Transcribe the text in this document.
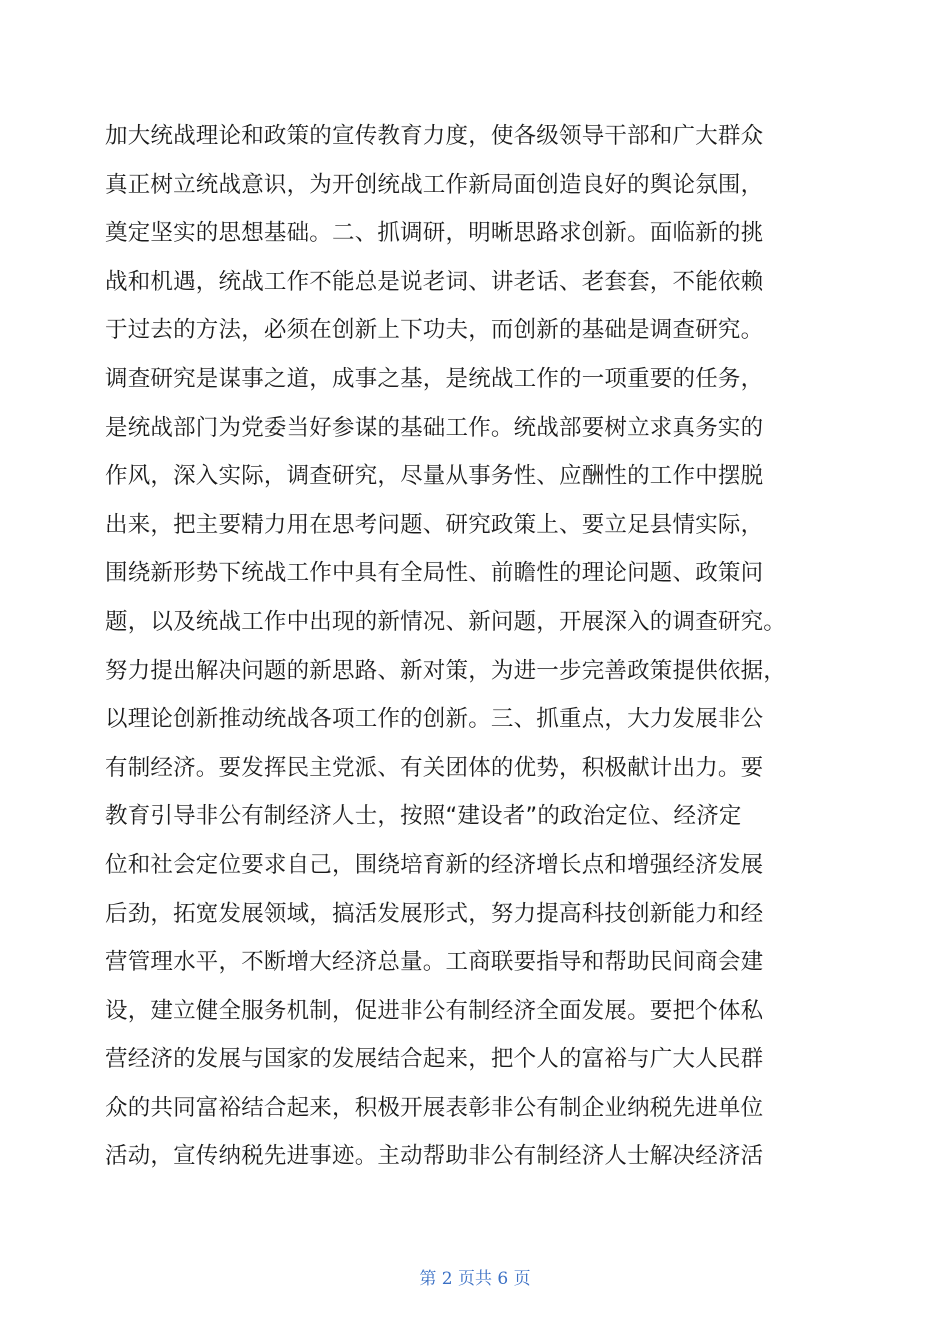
加大统战理论和政策的宣传教育力度，使各级领导干部和广大群众
真正树立统战意识，为开创统战工作新局面创造良好的舆论氛围，
奠定坚实的思想基础。二、抓调研，明晰思路求创新。面临新的挑
战和机遇，统战工作不能总是说老词、讲老话、老套套，不能依赖
于过去的方法，必须在创新上下功夫，而创新的基础是调查研究。
调查研究是谋事之道，成事之基，是统战工作的一项重要的任务，
是统战部门为党委当好参谋的基础工作。统战部要树立求真务实的
作风，深入实际，调查研究，尽量从事务性、应酬性的工作中摆脱
出来，把主要精力用在思考问题、研究政策上、要立足县情实际，
围绕新形势下统战工作中具有全局性、前瞻性的理论问题、政策问
题，以及统战工作中出现的新情况、新问题，开展深入的调查研究。
努力提出解决问题的新思路、新对策，为进一步完善政策提供依据，
以理论创新推动统战各项工作的创新。三、抓重点，大力发展非公
有制经济。要发挥民主党派、有关团体的优势，积极献计出力。要
教育引导非公有制经济人士，按照“建设者”的政治定位、经济定
位和社会定位要求自己，围绕培育新的经济增长点和增强经济发展
后劲，拓宽发展领域，搞活发展形式，努力提高科技创新能力和经
营管理水平，不断增大经济总量。工商联要指导和帮助民间商会建
设，建立健全服务机制，促进非公有制经济全面发展。要把个体私
营经济的发展与国家的发展结合起来，把个人的富裕与广大人民群
众的共同富裕结合起来，积极开展表彰非公有制企业纳税先进单位
活动，宣传纳税先进事迹。主动帮助非公有制经济人士解决经济活
第 2 页共 6 页
